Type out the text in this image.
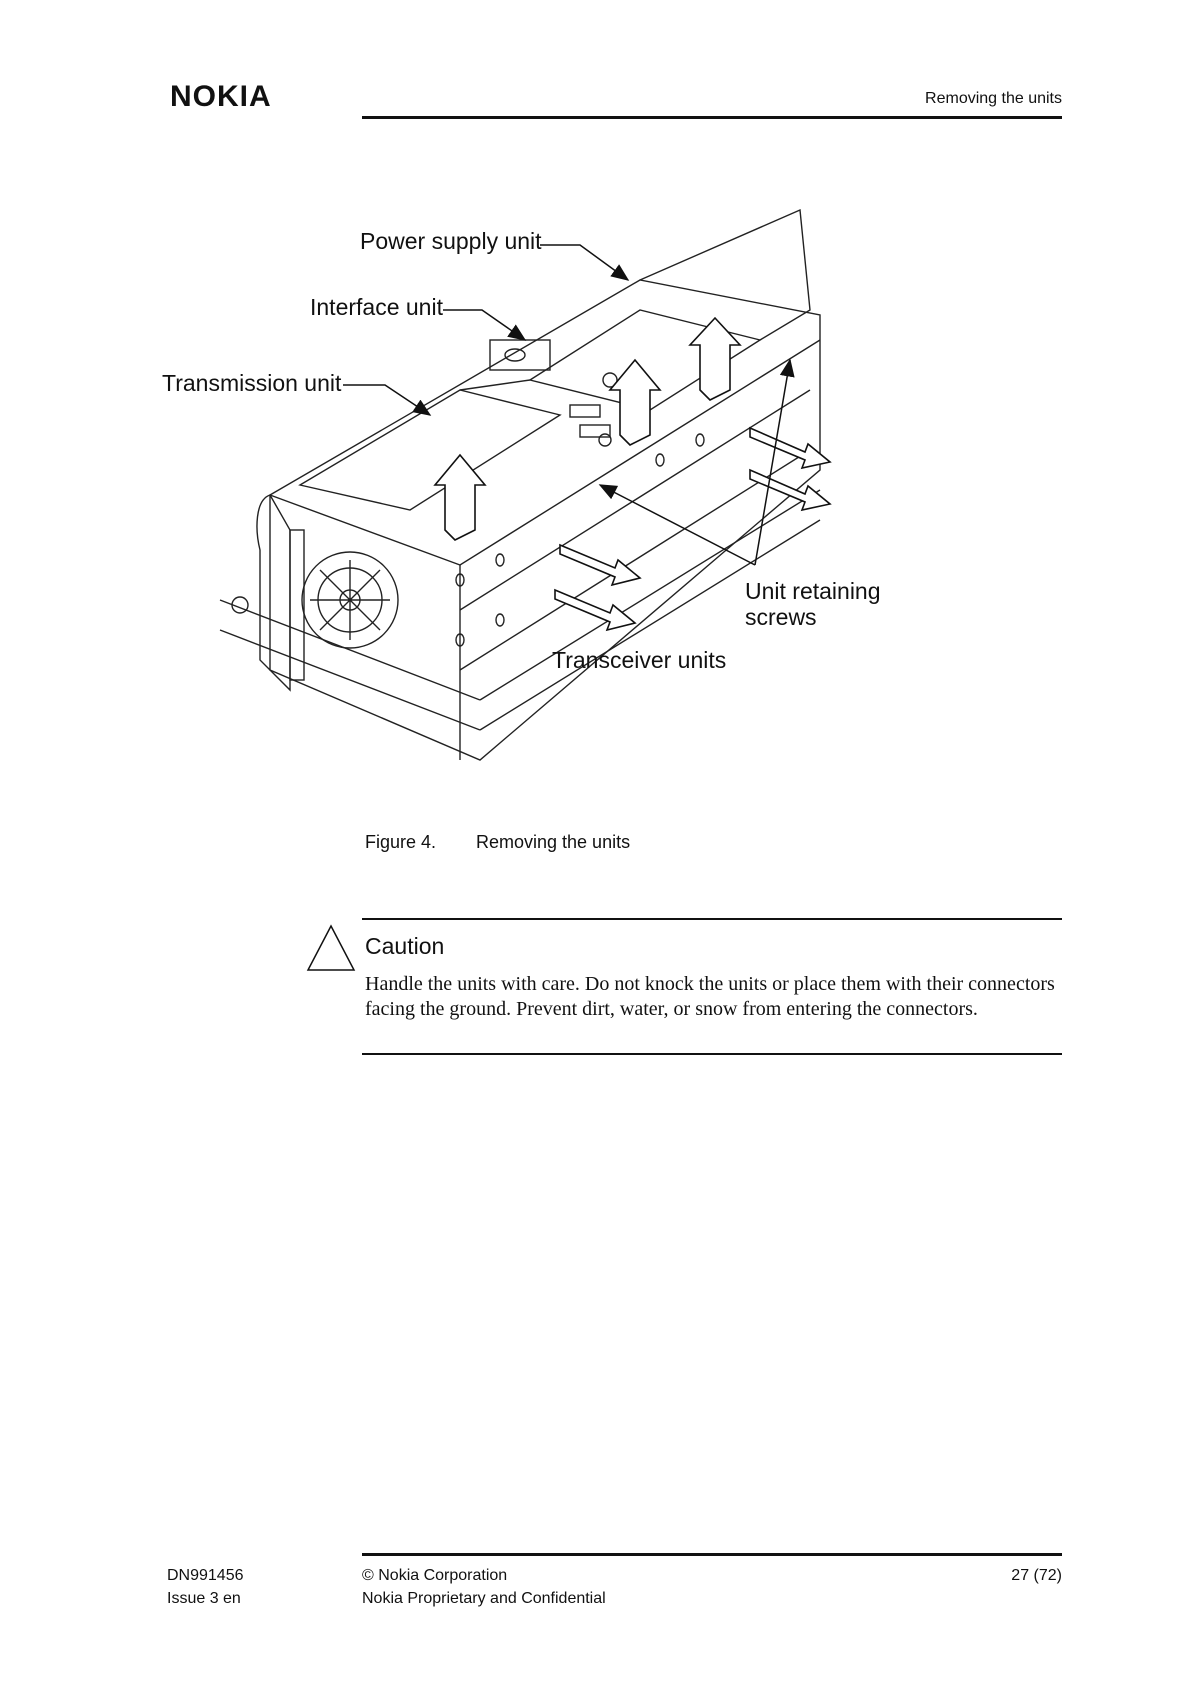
NOKIA	Removing the units
Power supply unit
Interface unit
Transmission unit
Unit retaining
screws
Transceiver units
Figure 4. Removing the units
Caution
Handle the units with care. Do not knock the units or place them with their connectors facing the ground. Prevent dirt, water, or snow from entering the connectors.
DN991456
Issue 3 en
© Nokia Corporation
Nokia Proprietary and Confidential
27 (72)
